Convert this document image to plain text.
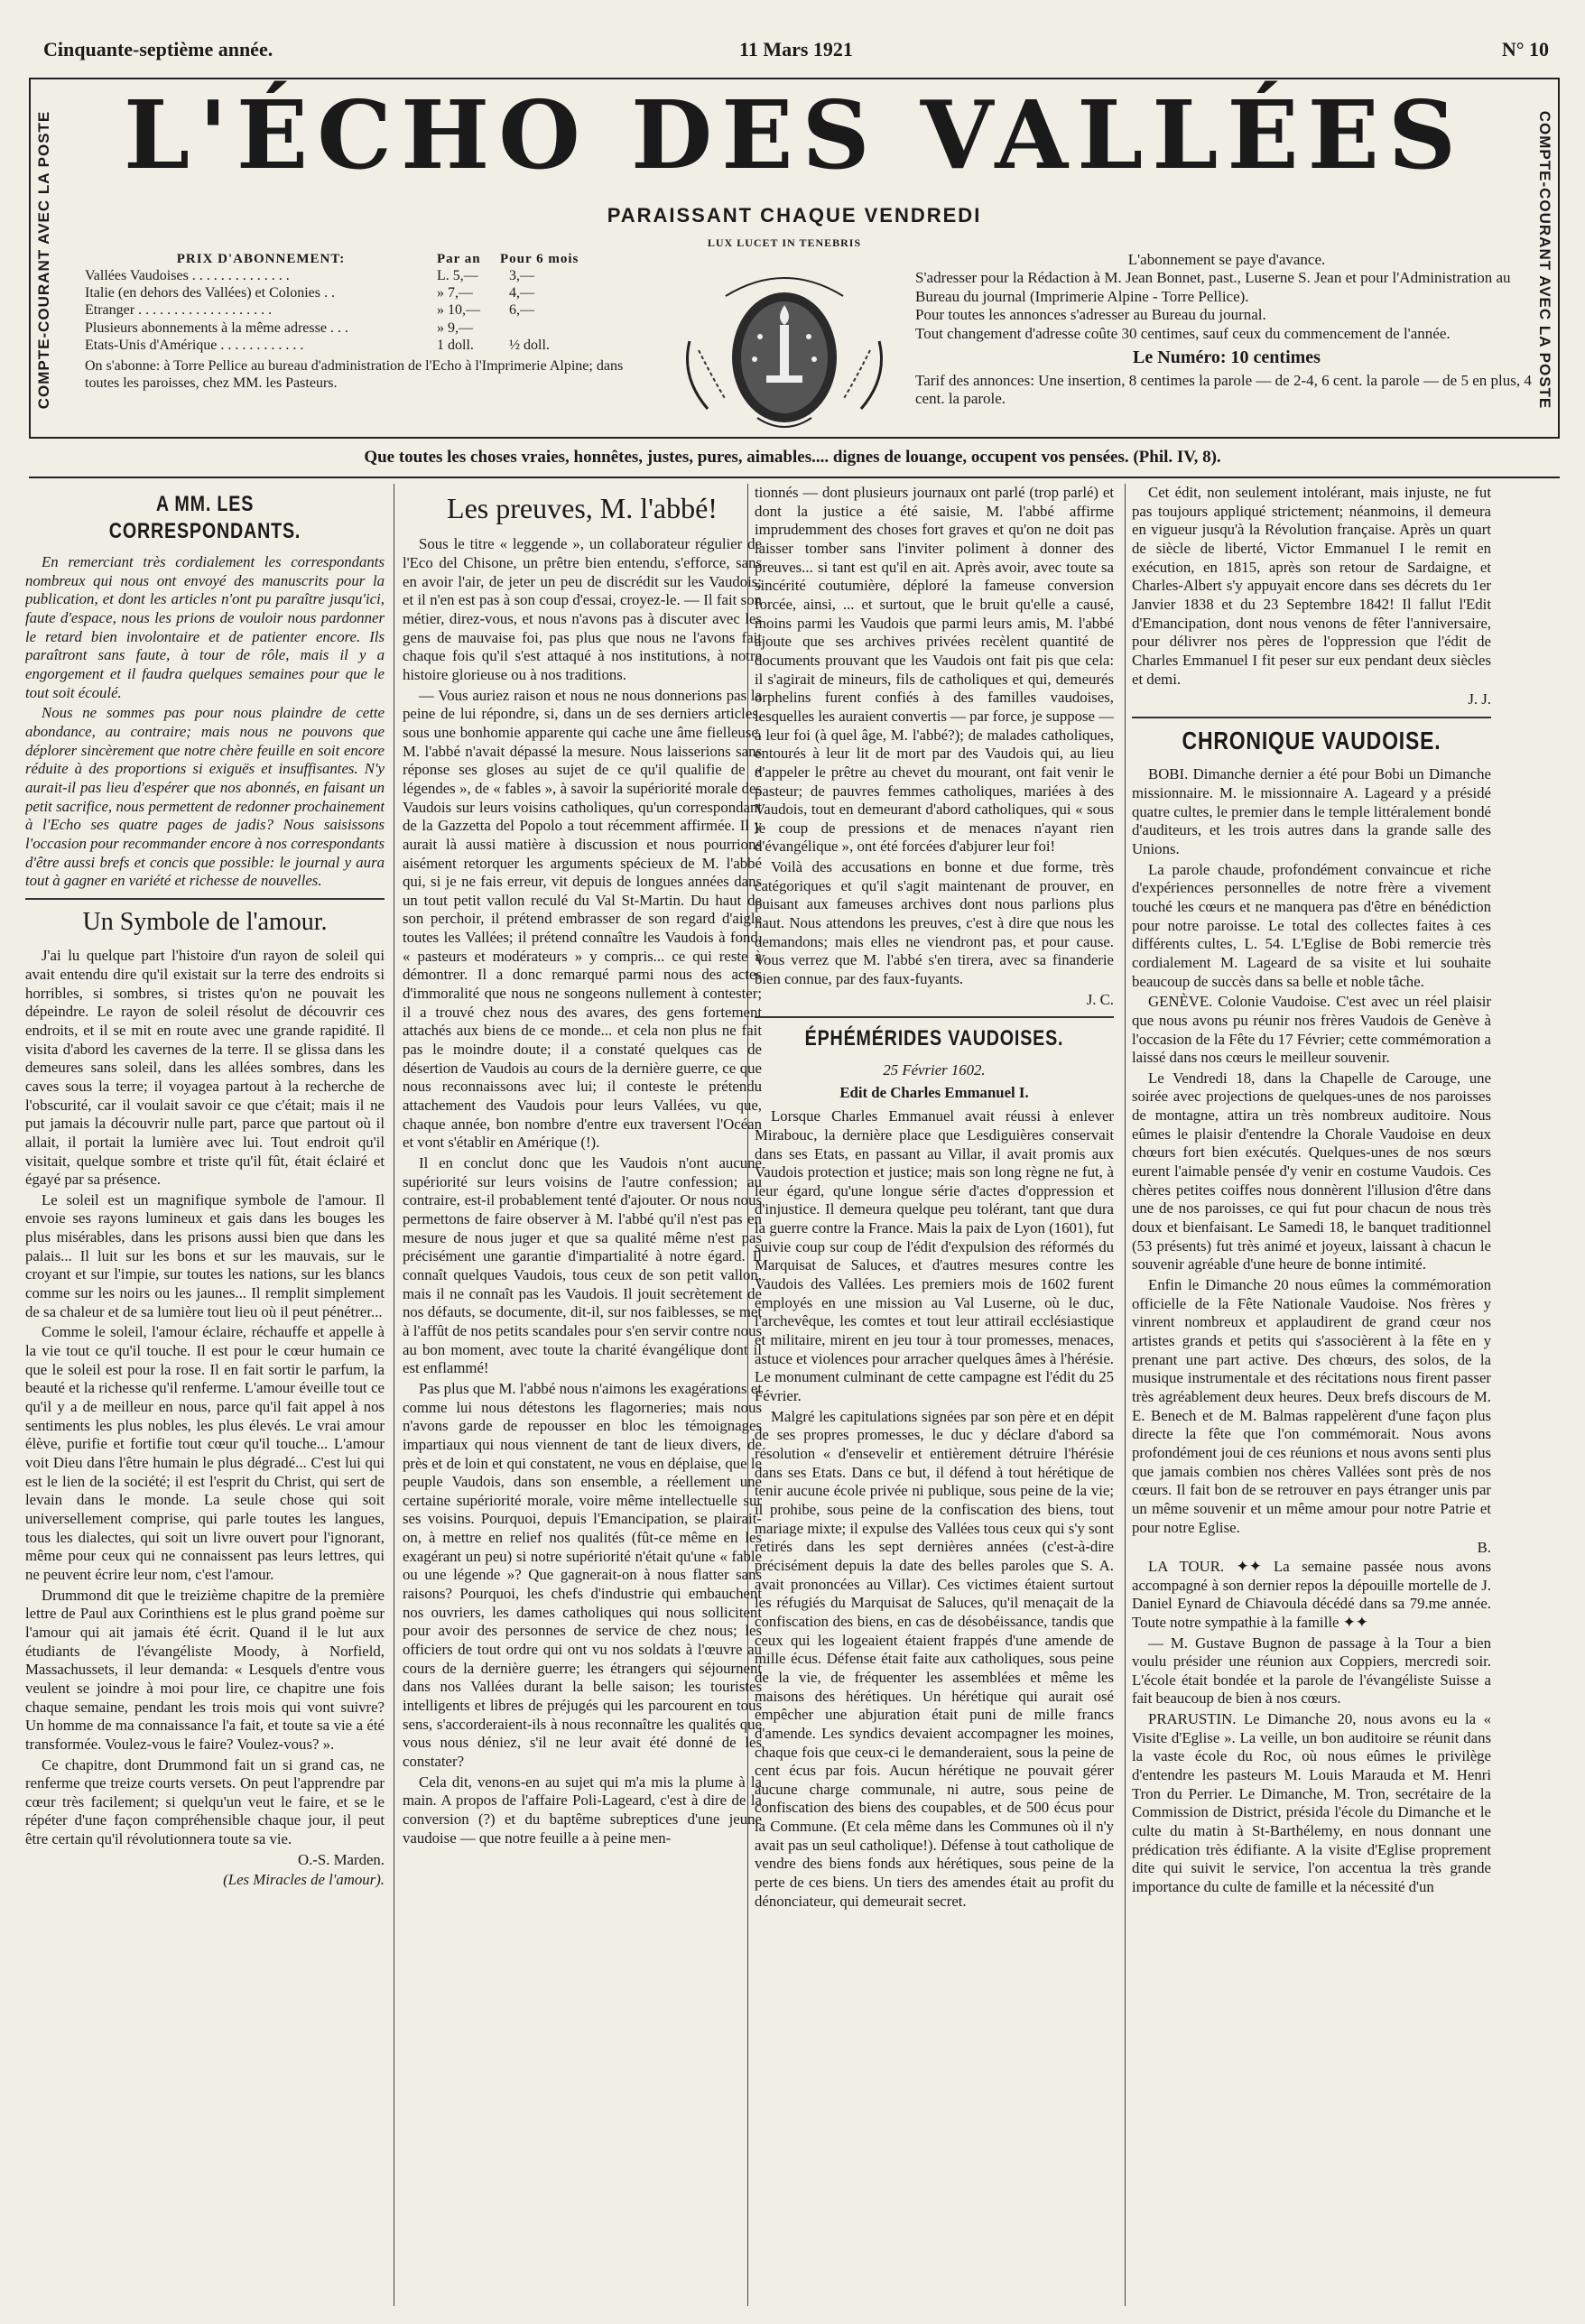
Cinquante-septième année.	11 Mars 1921	N° 10
COMPTE-COURANT AVEC LA POSTE	COMPTE-COURANT AVEC LA POSTE
L'ÉCHO DES VALLÉES
PARAISSANT CHAQUE VENDREDI
PRIX D'ABONNEMENT:	Par an	Pour 6 mois
Vallées Vaudoises . . . . . . . . . . . . . .	L. 5,—	3,—
Italie (en dehors des Vallées) et Colonies . .	» 7,—	4,—
Etranger . . . . . . . . . . . . . . . . . . .	» 10,—	6,—
Plusieurs abonnements à la même adresse . . .	» 9,—
Etats-Unis d'Amérique . . . . . . . . . . . .	1 doll.	½ doll.
On s'abonne: à Torre Pellice au bureau d'administration de l'Echo à l'Imprimerie Alpine; dans toutes les paroisses, chez MM. les Pasteurs.
LUX LUCET IN TENEBRIS

L'abonnement se paye d'avance.

S'adresser pour la Rédaction à M. Jean Bonnet, past., Luserne S. Jean et pour l'Administration au Bureau du journal (Imprimerie Alpine - Torre Pellice).

Pour toutes les annonces s'adresser au Bureau du journal.

Tout changement d'adresse coûte 30 centimes, sauf ceux du commencement de l'année.

Le Numéro: 10 centimes

Tarif des annonces: Une insertion, 8 centimes la parole — de 2-4, 6 cent. la parole — de 5 en plus, 4 cent. la parole.

Que toutes les choses vraies, honnêtes, justes, pures, aimables.... dignes de louange, occupent vos pensées. (Phil. IV, 8).
A MM. LES CORRESPONDANTS.

En remerciant très cordialement les correspondants nombreux qui nous ont envoyé des manuscrits pour la publication, et dont les articles n'ont pu paraître jusqu'ici, faute d'espace, nous les prions de vouloir nous pardonner le retard bien involontaire et de patienter encore. Ils paraîtront sans faute, à tour de rôle, mais il y a engorgement et il faudra quelques semaines pour que le tout soit écoulé.

Nous ne sommes pas pour nous plaindre de cette abondance, au contraire; mais nous ne pouvons que déplorer sincèrement que notre chère feuille en soit encore réduite à des proportions si exiguës et insuffisantes. N'y aurait-il pas lieu d'espérer que nos abonnés, en faisant un petit sacrifice, nous permettent de redonner prochainement à l'Echo ses quatre pages de jadis? Nous saisissons l'occasion pour recommander encore à nos correspondants d'être aussi brefs et concis que possible: le journal y aura tout à gagner en variété et richesse de nouvelles.

Un Symbole de l'amour.

J'ai lu quelque part l'histoire d'un rayon de soleil qui avait entendu dire qu'il existait sur la terre des endroits si horribles, si sombres, si tristes qu'on ne pouvait les dépeindre. Le rayon de soleil résolut de découvrir ces endroits, et il se mit en route avec une grande rapidité. Il visita d'abord les cavernes de la terre. Il se glissa dans les demeures sans soleil, dans les allées sombres, dans les caves sous la terre; il voyagea partout à la recherche de l'obscurité, car il voulait savoir ce que c'était; mais il ne put jamais la découvrir nulle part, parce que partout où il allait, il portait la lumière avec lui. Tout endroit qu'il visitait, quelque sombre et triste qu'il fût, était éclairé et égayé par sa présence.

Le soleil est un magnifique symbole de l'amour. Il envoie ses rayons lumineux et gais dans les bouges les plus misérables, dans les prisons aussi bien que dans les palais... Il luit sur les bons et sur les mauvais, sur le croyant et sur l'impie, sur toutes les nations, sur les blancs comme sur les noirs ou les jaunes... Il remplit simplement de sa chaleur et de sa lumière tout lieu où il peut pénétrer...

Comme le soleil, l'amour éclaire, réchauffe et appelle à la vie tout ce qu'il touche. Il est pour le cœur humain ce que le soleil est pour la rose. Il en fait sortir le parfum, la beauté et la richesse qu'il renferme. L'amour éveille tout ce qu'il y a de meilleur en nous, parce qu'il fait appel à nos sentiments les plus nobles, les plus élevés. Le vrai amour élève, purifie et fortifie tout cœur qu'il touche... L'amour voit Dieu dans l'être humain le plus dégradé... C'est lui qui est le lien de la société; il est l'esprit du Christ, qui sert de levain dans le monde. La seule chose qui soit universellement comprise, qui parle toutes les langues, tous les dialectes, qui soit un livre ouvert pour l'ignorant, même pour ceux qui ne connaissent pas leurs lettres, qui ne peuvent écrire leur nom, c'est l'amour.

Drummond dit que le treizième chapitre de la première lettre de Paul aux Corinthiens est le plus grand poème sur l'amour qui ait jamais été écrit. Quand il le lut aux étudiants de l'évangéliste Moody, à Norfield, Massachussets, il leur demanda: « Lesquels d'entre vous veulent se joindre à moi pour lire, ce chapitre une fois chaque semaine, pendant les trois mois qui vont suivre? Un homme de ma connaissance l'a fait, et toute sa vie a été transformée. Voulez-vous le faire? Voulez-vous? ».

Ce chapitre, dont Drummond fait un si grand cas, ne renferme que treize courts versets. On peut l'apprendre par cœur très facilement; si quelqu'un veut le faire, et se le répéter d'une façon compréhensible chaque jour, il peut être certain qu'il révolutionnera toute sa vie.

O.-S. Marden.
(Les Miracles de l'amour).
Les preuves, M. l'abbé!

Sous le titre « leggende », un collaborateur régulier de l'Eco del Chisone, un prêtre bien entendu, s'efforce, sans en avoir l'air, de jeter un peu de discrédit sur les Vaudois; et il n'en est pas à son coup d'essai, croyez-le. — Il fait son métier, direz-vous, et nous n'avons pas à discuter avec les gens de mauvaise foi, pas plus que nous ne l'avons fait chaque fois qu'il s'est attaqué à nos institutions, à notre histoire glorieuse ou à nos traditions.

— Vous auriez raison et nous ne nous donnerions pas la peine de lui répondre, si, dans un de ses derniers articles, sous une bonhomie apparente qui cache une âme fielleuse, M. l'abbé n'avait dépassé la mesure. Nous laisserions sans réponse ses gloses au sujet de ce qu'il qualifie de « légendes », de « fables », à savoir la supériorité morale des Vaudois sur leurs voisins catholiques, qu'un correspondant de la Gazzetta del Popolo a tout récemment affirmée. Il y aurait là aussi matière à discussion et nous pourrions aisément retorquer les arguments spécieux de M. l'abbé qui, si je ne fais erreur, vit depuis de longues années dans un tout petit vallon reculé du Val St-Martin. Du haut de son perchoir, il prétend embrasser de son regard d'aigle toutes les Vallées; il prétend connaître les Vaudois à fond, « pasteurs et modérateurs » y compris... ce qui reste à démontrer. Il a donc remarqué parmi nous des actes d'immoralité que nous ne songeons nullement à contester; il a trouvé chez nous des avares, des gens fortement attachés aux biens de ce monde... et cela non plus ne fait pas le moindre doute; il a constaté quelques cas de désertion de Vaudois au cours de la dernière guerre, ce que nous reconnaissons avec lui; il conteste le prétendu attachement des Vaudois pour leurs Vallées, vu que, chaque année, bon nombre d'entre eux traversent l'Océan et vont s'établir en Amérique (!).

Il en conclut donc que les Vaudois n'ont aucune supériorité sur leurs voisins de l'autre confession; au contraire, est-il probablement tenté d'ajouter. Or nous nous permettons de faire observer à M. l'abbé qu'il n'est pas en mesure de nous juger et que sa qualité même n'est pas précisément une garantie d'impartialité à notre égard. Il connaît quelques Vaudois, tous ceux de son petit vallon, mais il ne connaît pas les Vaudois. Il jouit secrètement de nos défauts, se documente, dit-il, sur nos faiblesses, se met à l'affût de nos petits scandales pour s'en servir contre nous au bon moment, avec toute la charité évangélique dont il est enflammé!

Pas plus que M. l'abbé nous n'aimons les exagérations et comme lui nous détestons les flagorneries; mais nous n'avons garde de repousser en bloc les témoignages impartiaux qui nous viennent de tant de lieux divers, de près et de loin et qui constatent, ne vous en déplaise, que le peuple Vaudois, dans son ensemble, a réellement une certaine supériorité morale, voire même intellectuelle sur ses voisins. Pourquoi, depuis l'Emancipation, se plairait-on, à mettre en relief nos qualités (fût-ce même en les exagérant un peu) si notre supériorité n'était qu'une « fable ou une légende »? Que gagnerait-on à nous flatter sans raisons? Pourquoi, les chefs d'industrie qui embauchent nos ouvriers, les dames catholiques qui nous sollicitent pour avoir des personnes de service de chez nous; les officiers de tout ordre qui ont vu nos soldats à l'œuvre au cours de la dernière guerre; les étrangers qui séjournent dans nos Vallées durant la belle saison; les touristes intelligents et libres de préjugés qui les parcourent en tous sens, s'accorderaient-ils à nous reconnaître les qualités que vous nous déniez, s'il ne leur avait été donné de les constater?

Cela dit, venons-en au sujet qui m'a mis la plume à la main. A propos de l'affaire Poli-Lageard, c'est à dire de la conversion (?) et du baptême subreptices d'une jeune vaudoise — que notre feuille a à peine men-

tionnés — dont plusieurs journaux ont parlé (trop parlé) et dont la justice a été saisie, M. l'abbé affirme imprudemment des choses fort graves et qu'on ne doit pas laisser tomber sans l'inviter poliment à donner des preuves... si tant est qu'il en ait. Après avoir, avec toute sa sincérité coutumière, déploré la fameuse conversion forcée, ainsi, ... et surtout, que le bruit qu'elle a causé, moins parmi les Vaudois que parmi leurs amis, M. l'abbé ajoute que ses archives privées recèlent quantité de documents prouvant que les Vaudois ont fait pis que cela: il s'agirait de mineurs, fils de catholiques et qui, demeurés orphelins furent confiés à des familles vaudoises, lesquelles les auraient convertis — par force, je suppose — à leur foi (à quel âge, M. l'abbé?); de malades catholiques, entourés à leur lit de mort par des Vaudois qui, au lieu d'appeler le prêtre au chevet du mourant, ont fait venir le pasteur; de pauvres femmes catholiques, mariées à des Vaudois, tout en demeurant d'abord catholiques, qui « sous le coup de pressions et de menaces n'ayant rien d'évangélique », ont été forcées d'abjurer leur foi!

Voilà des accusations en bonne et due forme, très catégoriques et qu'il s'agit maintenant de prouver, en puisant aux fameuses archives dont nous parlions plus haut. Nous attendons les preuves, c'est à dire que nous les demandons; mais elles ne viendront pas, et pour cause. Vous verrez que M. l'abbé s'en tirera, avec sa finanderie bien connue, par des faux-fuyants.

J. C.
ÉPHÉMÉRIDES VAUDOISES.
25 Février 1602.
Edit de Charles Emmanuel I.

Lorsque Charles Emmanuel avait réussi à enlever Mirabouc, la dernière place que Lesdiguières conservait dans ses Etats, en passant au Villar, il avait promis aux Vaudois protection et justice; mais son long règne ne fut, à leur égard, qu'une longue série d'actes d'oppression et d'injustice. Il demeura quelque peu tolérant, tant que dura la guerre contre la France. Mais la paix de Lyon (1601), fut suivie coup sur coup de l'édit d'expulsion des réformés du Marquisat de Saluces, et d'autres mesures contre les Vaudois des Vallées. Les premiers mois de 1602 furent employés en une mission au Val Luserne, où le duc, l'archevêque, les comtes et tout leur attirail ecclésiastique et militaire, mirent en jeu tour à tour promesses, menaces, astuce et violences pour arracher quelques âmes à l'hérésie. Le monument culminant de cette campagne est l'édit du 25 Février.

Malgré les capitulations signées par son père et en dépit de ses propres promesses, le duc y déclare d'abord sa résolution « d'ensevelir et entièrement détruire l'hérésie dans ses Etats. Dans ce but, il défend à tout hérétique de tenir aucune école privée ni publique, sous peine de la vie; il prohibe, sous peine de la confiscation des biens, tout mariage mixte; il expulse des Vallées tous ceux qui s'y sont retirés dans les sept dernières années (c'est-à-dire précisément depuis la date des belles paroles que S. A. avait prononcées au Villar). Ces victimes étaient surtout les réfugiés du Marquisat de Saluces, qu'il menaçait de la confiscation des biens, en cas de désobéissance, tandis que ceux qui les logeaient étaient frappés d'une amende de mille écus. Défense était faite aux catholiques, sous peine de la vie, de fréquenter les assemblées et même les maisons des hérétiques. Un hérétique qui aurait osé empêcher une abjuration était puni de mille francs d'amende. Les syndics devaient accompagner les moines, chaque fois que ceux-ci le demanderaient, sous la peine de cent écus par fois. Aucun hérétique ne pouvait gérer aucune charge communale, ni autre, sous peine de confiscation des biens des coupables, et de 500 écus pour la Commune. (Et cela même dans les Communes où il n'y avait pas un seul catholique!). Défense à tout catholique de vendre des biens fonds aux hérétiques, sous peine de la perte de ces biens. Un tiers des amendes était au profit du dénonciateur, qui demeurait secret.

Cet édit, non seulement intolérant, mais injuste, ne fut pas toujours appliqué strictement; néanmoins, il demeura en vigueur jusqu'à la Révolution française. Après un quart de siècle de liberté, Victor Emmanuel I le remit en exécution, en 1815, après son retour de Sardaigne, et Charles-Albert s'y appuyait encore dans ses décrets du 1er Janvier 1838 et du 23 Septembre 1842! Il fallut l'Edit d'Emancipation, dont nous venons de fêter l'anniversaire, pour délivrer nos pères de l'oppression que l'édit de Charles Emmanuel I fit peser sur eux pendant deux siècles et demi.

J. J.
CHRONIQUE VAUDOISE.

BOBI. Dimanche dernier a été pour Bobi un Dimanche missionnaire. M. le missionnaire A. Lageard y a présidé quatre cultes, le premier dans le temple littéralement bondé d'auditeurs, et les trois autres dans la grande salle des Unions.

La parole chaude, profondément convaincue et riche d'expériences personnelles de notre frère a vivement touché les cœurs et ne manquera pas d'être en bénédiction pour notre paroisse. Le total des collectes faites à ces différents cultes, L. 54. L'Eglise de Bobi remercie très cordialement M. Lageard de sa visite et lui souhaite beaucoup de succès dans sa belle et noble tâche.

GENÈVE. Colonie Vaudoise. C'est avec un réel plaisir que nous avons pu réunir nos frères Vaudois de Genève à l'occasion de la Fête du 17 Février; cette commémoration a laissé dans nos cœurs le meilleur souvenir.

Le Vendredi 18, dans la Chapelle de Carouge, une soirée avec projections de quelques-unes de nos paroisses de montagne, attira un très nombreux auditoire. Nous eûmes le plaisir d'entendre la Chorale Vaudoise en deux chœurs fort bien exécutés. Quelques-unes de nos sœurs eurent l'aimable pensée d'y venir en costume Vaudois. Ces chères petites coiffes nous donnèrent l'illusion d'être dans une de nos paroisses, ce qui fut pour chacun de nous très doux et bienfaisant. Le Samedi 18, le banquet traditionnel (53 présents) fut très animé et joyeux, laissant à chacun le souvenir agréable d'une heure de bonne intimité.

Enfin le Dimanche 20 nous eûmes la commémoration officielle de la Fête Nationale Vaudoise. Nos frères y vinrent nombreux et applaudirent de grand cœur nos artistes grands et petits qui s'associèrent à la fête en y prenant une part active. Des chœurs, des solos, de la musique instrumentale et des récitations nous firent passer très agréablement deux heures. Deux brefs discours de M. E. Benech et de M. Balmas rappelèrent d'une façon plus directe la fête que l'on commémorait. Nous avons profondément joui de ces réunions et nous avons senti plus que jamais combien nos chères Vallées sont près de nos cœurs. Il fait bon de se retrouver en pays étranger unis par un même souvenir et un même amour pour notre Patrie et pour notre Eglise.

B.

LA TOUR. ✦✦ La semaine passée nous avons accompagné à son dernier repos la dépouille mortelle de J. Daniel Eynard de Chiavoula décédé dans sa 79.me année. Toute notre sympathie à la famille ✦✦

— M. Gustave Bugnon de passage à la Tour a bien voulu présider une réunion aux Coppiers, mercredi soir. L'école était bondée et la parole de l'évangéliste Suisse a fait beaucoup de bien à nos cœurs.

PRARUSTIN. Le Dimanche 20, nous avons eu la « Visite d'Eglise ». La veille, un bon auditoire se réunit dans la vaste école du Roc, où nous eûmes le privilège d'entendre les pasteurs M. Louis Marauda et M. Henri Tron du Perrier. Le Dimanche, M. Tron, secrétaire de la Commission de District, présida l'école du Dimanche et le culte du matin à St-Barthélemy, en nous donnant une prédication très édifiante. A la visite d'Eglise proprement dite qui suivit le service, l'on accentua la très grande importance du culte de famille et la nécessité d'un
